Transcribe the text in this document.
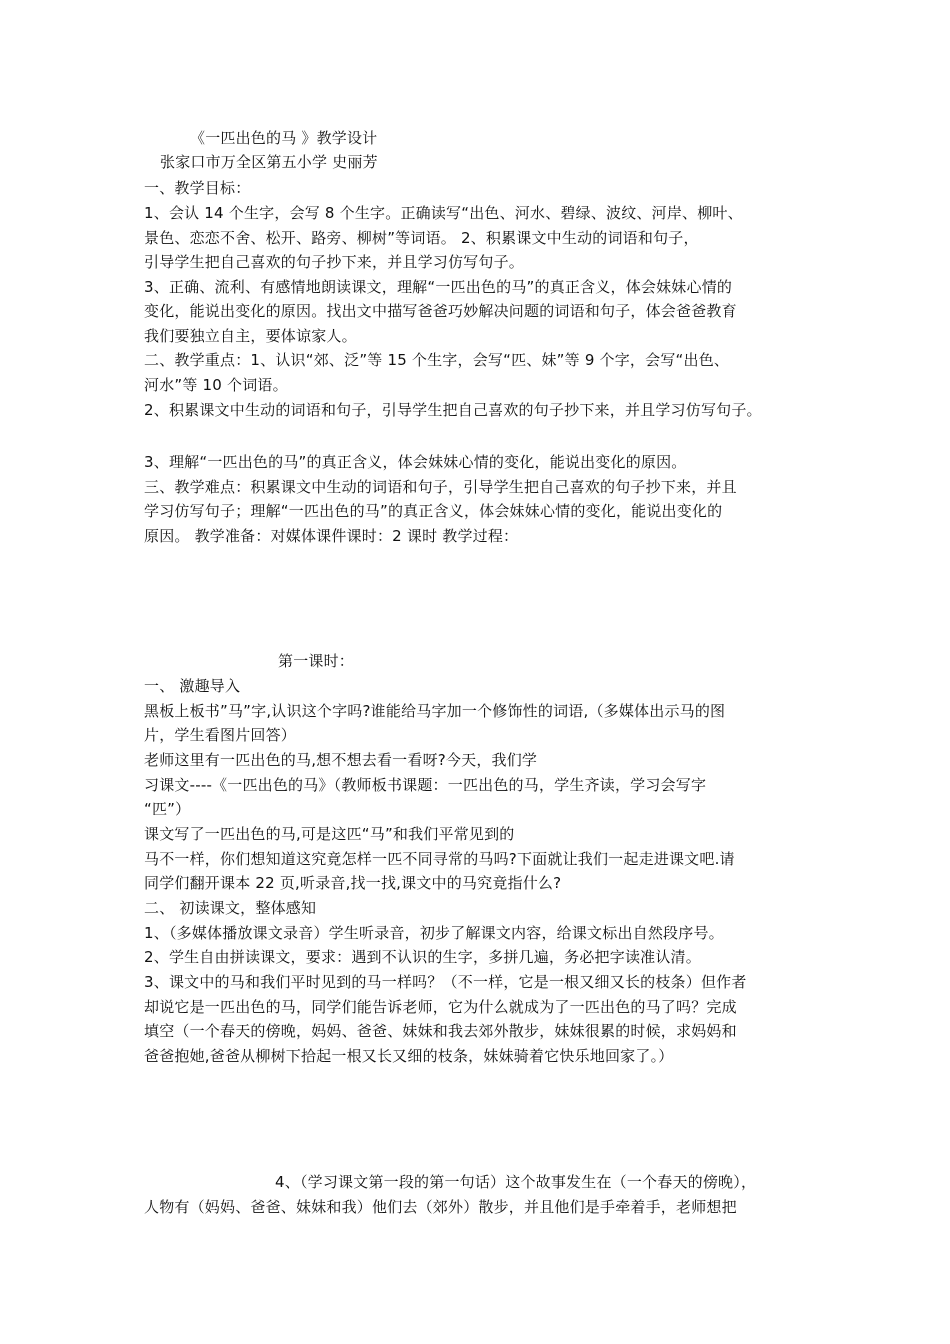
《一匹出色的马 》教学设计

张家口市万全区第五小学 史丽芳

一、教学目标：

1、会认 14 个生字，会写 8 个生字。正确读写“出色、河水、碧绿、波纹、河岸、柳叶、

景色、恋恋不舍、松开、路旁、柳树”等词语。 2、积累课文中生动的词语和句子，

引导学生把自己喜欢的句子抄下来，并且学习仿写句子。

3、正确、流利、有感情地朗读课文，理解“一匹出色的马”的真正含义，体会妹妹心情的

变化，能说出变化的原因。找出文中描写爸爸巧妙解决问题的词语和句子，体会爸爸教育

我们要独立自主，要体谅家人。

二、教学重点：1、认识“郊、泛”等 15 个生字，会写“匹、妹”等 9 个字，会写“出色、

河水”等 10 个词语。

2、积累课文中生动的词语和句子，引导学生把自己喜欢的句子抄下来，并且学习仿写句子。

3、理解“一匹出色的马”的真正含义，体会妹妹心情的变化，能说出变化的原因。

三、教学难点：积累课文中生动的词语和句子，引导学生把自己喜欢的句子抄下来，并且

学习仿写句子；理解“一匹出色的马”的真正含义，体会妹妹心情的变化，能说出变化的

原因。 教学准备：对媒体课件课时：2 课时 教学过程：

第一课时：

一、 激趣导入

黑板上板书”马”字,认识这个字吗?谁能给马字加一个修饰性的词语,（多媒体出示马的图

片，学生看图片回答）

老师这里有一匹出色的马,想不想去看一看呀?今天，我们学

习课文----《一匹出色的马》（教师板书课题：一匹出色的马，学生齐读，学习会写字

“匹”）

课文写了一匹出色的马,可是这匹“马”和我们平常见到的

马不一样，你们想知道这究竟怎样一匹不同寻常的马吗?下面就让我们一起走进课文吧.请

同学们翻开课本 22 页,听录音,找一找,课文中的马究竟指什么?

二、 初读课文，整体感知

1、（多媒体播放课文录音）学生听录音，初步了解课文内容，给课文标出自然段序号。

2、学生自由拼读课文，要求：遇到不认识的生字，多拼几遍，务必把字读准认清。

3、课文中的马和我们平时见到的马一样吗？（不一样，它是一根又细又长的枝条）但作者

却说它是一匹出色的马，同学们能告诉老师，它为什么就成为了一匹出色的马了吗？完成

填空（一个春天的傍晚，妈妈、爸爸、妹妹和我去郊外散步，妹妹很累的时候，求妈妈和

爸爸抱她,爸爸从柳树下拾起一根又长又细的枝条，妹妹骑着它快乐地回家了。）

4、（学习课文第一段的第一句话）这个故事发生在（一个春天的傍晚），

人物有（妈妈、爸爸、妹妹和我）他们去（郊外）散步，并且他们是手牵着手，老师想把
